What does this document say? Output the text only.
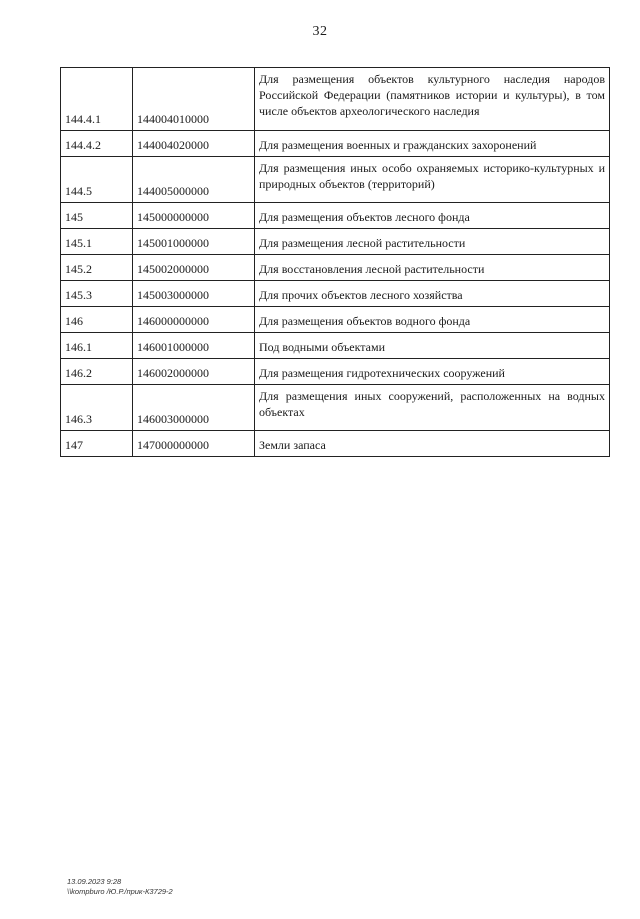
32
144.4.1	144004010000	Для размещения объектов культурного наследия народов Российской Федерации (памятников истории и культуры), в том числе объектов археологического наследия
144.4.2	144004020000	Для размещения военных и гражданских захоронений
144.5	144005000000	Для размещения иных особо охраняемых историко-культурных и природных объектов (территорий)
145	145000000000	Для размещения объектов лесного фонда
145.1	145001000000	Для размещения лесной растительности
145.2	145002000000	Для восстановления лесной растительности
145.3	145003000000	Для прочих объектов лесного хозяйства
146	146000000000	Для размещения объектов водного фонда
146.1	146001000000	Под водными объектами
146.2	146002000000	Для размещения гидротехнических сооружений
146.3	146003000000	Для размещения иных сооружений, расположенных на водных объектах
147	147000000000	Земли запаса
13.09.2023 9:28
\\kompburo /Ю.Р./прик-К3729-2
